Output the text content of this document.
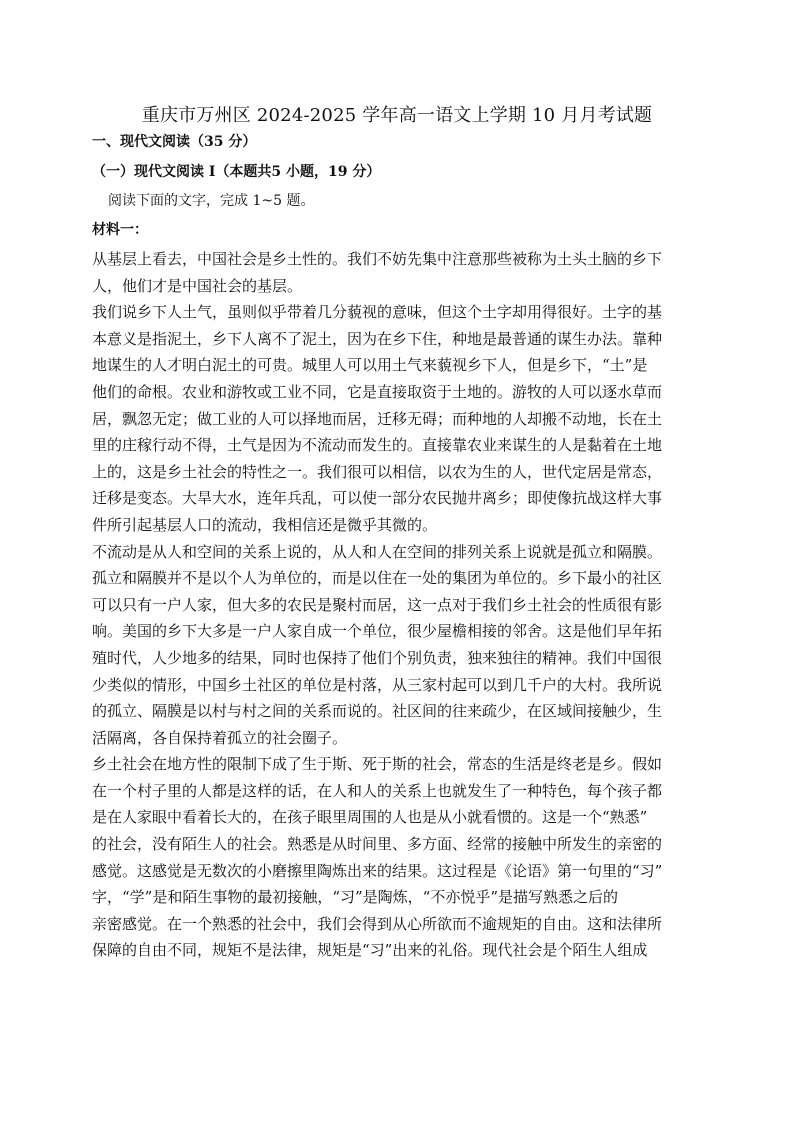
重庆市万州区 2024-2025 学年高一语文上学期 10 月月考试题
一、现代文阅读（35 分）
（一）现代文阅读 Ⅰ（本题共5 小题，19 分）
阅读下面的文字，完成 1~5 题。
材料一：
从基层上看去，中国社会是乡土性的。我们不妨先集中注意那些被称为土头土脑的乡下
人，他们才是中国社会的基层。
我们说乡下人土气，虽则似乎带着几分藐视的意味，但这个土字却用得很好。土字的基
本意义是指泥土，乡下人离不了泥土，因为在乡下住，种地是最普通的谋生办法。靠种
地谋生的人才明白泥土的可贵。城里人可以用土气来藐视乡下人，但是乡下，“土”是
他们的命根。农业和游牧或工业不同，它是直接取资于土地的。游牧的人可以逐水草而
居，飘忽无定；做工业的人可以择地而居，迁移无碍；而种地的人却搬不动地，长在土
里的庄稼行动不得，土气是因为不流动而发生的。直接靠农业来谋生的人是黏着在土地
上的，这是乡土社会的特性之一。我们很可以相信，以农为生的人，世代定居是常态，
迁移是变态。大旱大水，连年兵乱，可以使一部分农民抛井离乡；即使像抗战这样大事
件所引起基层人口的流动，我相信还是微乎其微的。
不流动是从人和空间的关系上说的，从人和人在空间的排列关系上说就是孤立和隔膜。
孤立和隔膜并不是以个人为单位的，而是以住在一处的集团为单位的。乡下最小的社区
可以只有一户人家，但大多的农民是聚村而居，这一点对于我们乡土社会的性质很有影
响。美国的乡下大多是一户人家自成一个单位，很少屋檐相接的邻舍。这是他们早年拓
殖时代，人少地多的结果，同时也保持了他们个别负责，独来独往的精神。我们中国很
少类似的情形，中国乡土社区的单位是村落，从三家村起可以到几千户的大村。我所说
的孤立、隔膜是以村与村之间的关系而说的。社区间的往来疏少，在区域间接触少，生
活隔离，各自保持着孤立的社会圈子。
乡土社会在地方性的限制下成了生于斯、死于斯的社会，常态的生活是终老是乡。假如
在一个村子里的人都是这样的话，在人和人的关系上也就发生了一种特色，每个孩子都
是在人家眼中看着长大的，在孩子眼里周围的人也是从小就看惯的。这是一个“熟悉”
的社会，没有陌生人的社会。熟悉是从时间里、多方面、经常的接触中所发生的亲密的
感觉。这感觉是无数次的小磨擦里陶炼出来的结果。这过程是《论语》第一句里的“习”
字，“学”是和陌生事物的最初接触，“习”是陶炼，“不亦悦乎”是描写熟悉之后的
亲密感觉。在一个熟悉的社会中，我们会得到从心所欲而不逾规矩的自由。这和法律所
保障的自由不同，规矩不是法律，规矩是“习”出来的礼俗。现代社会是个陌生人组成
